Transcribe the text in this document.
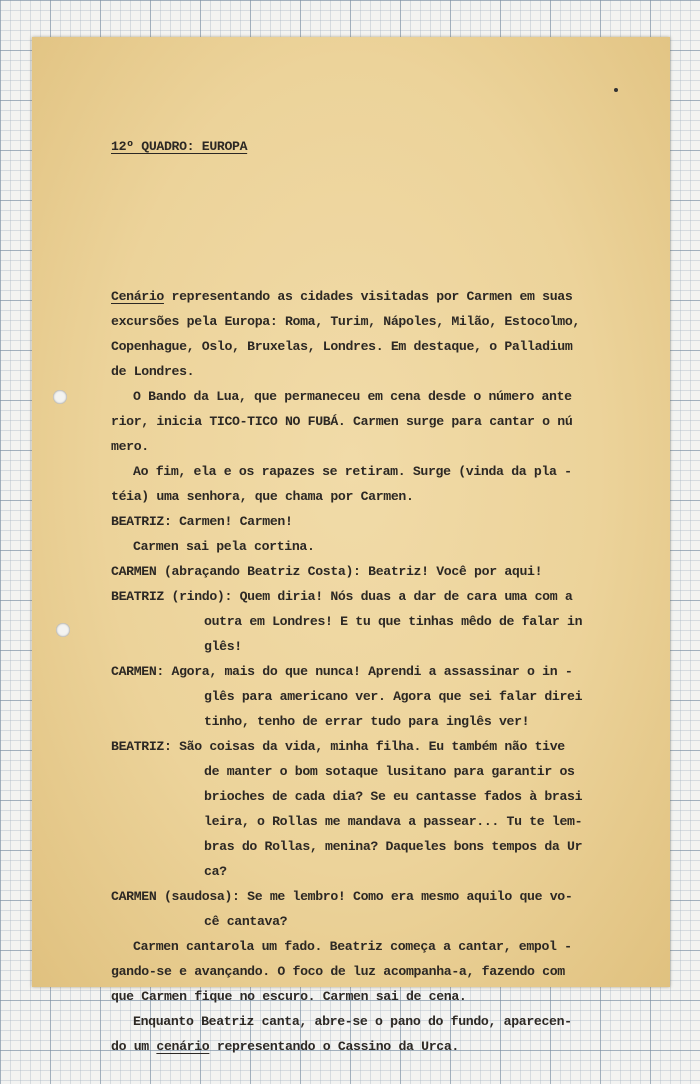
12º QUADRO: EUROPA

Cenário representando as cidades visitadas por Carmen em suas
excursões pela Europa: Roma, Turim, Nápoles, Milão, Estocolmo,
Copenhague, Oslo, Bruxelas, Londres. Em destaque, o Palladium
de Londres.
O Bando da Lua, que permaneceu em cena desde o número ante
rior, inicia TICO-TICO NO FUBÁ. Carmen surge para cantar o nú
mero.
Ao fim, ela e os rapazes se retiram. Surge (vinda da pla -
téia) uma senhora, que chama por Carmen.
BEATRIZ: Carmen! Carmen!
Carmen sai pela cortina.
CARMEN (abraçando Beatriz Costa): Beatriz! Você por aqui!
BEATRIZ (rindo): Quem diria! Nós duas a dar de cara uma com a
outra em Londres! E tu que tinhas mêdo de falar in
glês!
CARMEN: Agora, mais do que nunca! Aprendi a assassinar o in -
glês para americano ver. Agora que sei falar direi
tinho, tenho de errar tudo para inglês ver!
BEATRIZ: São coisas da vida, minha filha. Eu também não tive
de manter o bom sotaque lusitano para garantir os
brioches de cada dia? Se eu cantasse fados à brasi
leira, o Rollas me mandava a passear... Tu te lem-
bras do Rollas, menina? Daqueles bons tempos da Ur
ca?
CARMEN (saudosa): Se me lembro! Como era mesmo aquilo que vo-
cê cantava?
Carmen cantarola um fado. Beatriz começa a cantar, empol -
gando-se e avançando. O foco de luz acompanha-a, fazendo com
que Carmen fique no escuro. Carmen sai de cena.
Enquanto Beatriz canta, abre-se o pano do fundo, aparecen-
do um cenário representando o Cassino da Urca.
